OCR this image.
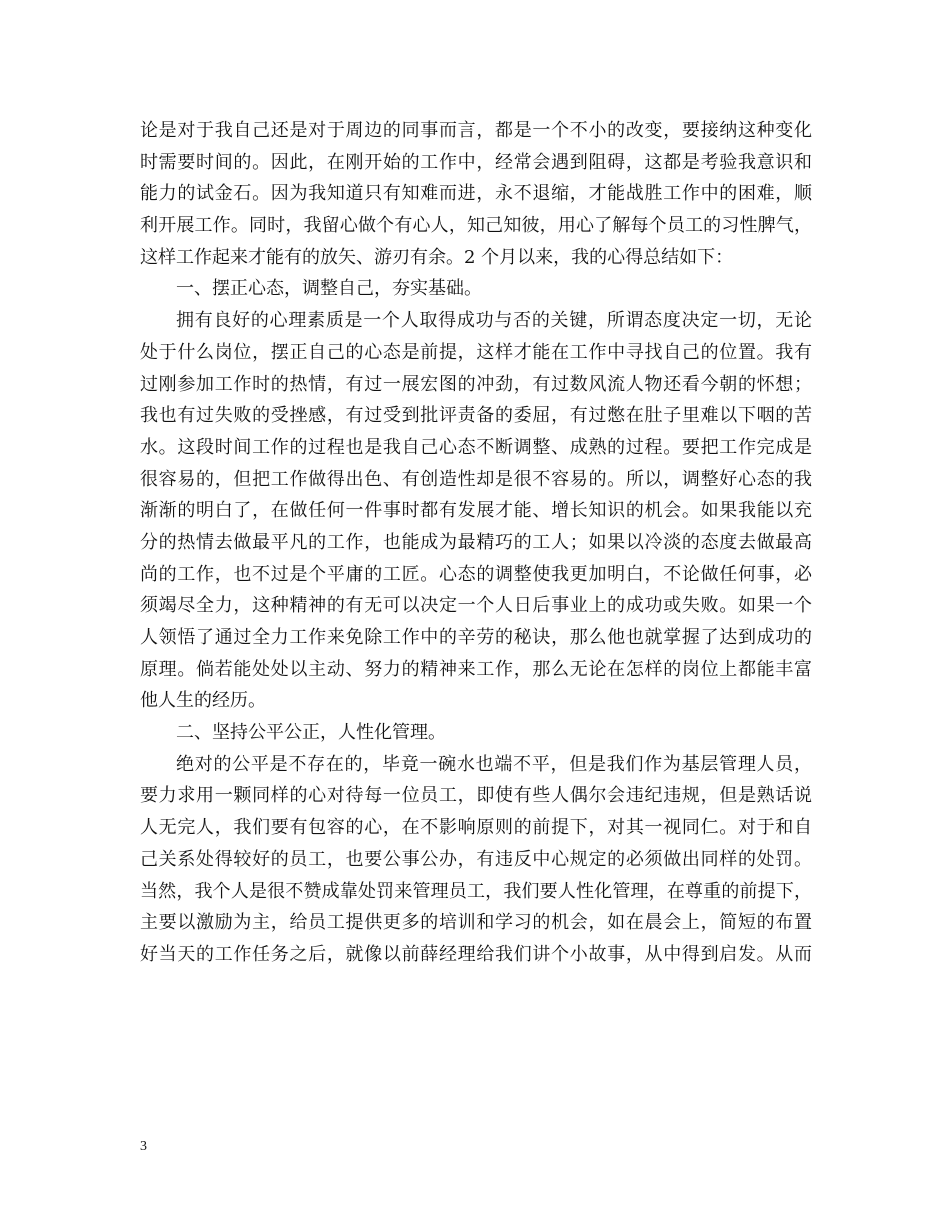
论是对于我自己还是对于周边的同事而言，都是一个不小的改变，要接纳这种变化
时需要时间的。因此，在刚开始的工作中，经常会遇到阻碍，这都是考验我意识和
能力的试金石。因为我知道只有知难而进，永不退缩，才能战胜工作中的困难，顺
利开展工作。同时，我留心做个有心人，知己知彼，用心了解每个员工的习性脾气，
这样工作起来才能有的放矢、游刃有余。2 个月以来，我的心得总结如下：
一、摆正心态，调整自己，夯实基础。
拥有良好的心理素质是一个人取得成功与否的关键，所谓态度决定一切，无论
处于什么岗位，摆正自己的心态是前提，这样才能在工作中寻找自己的位置。我有
过刚参加工作时的热情，有过一展宏图的冲劲，有过数风流人物还看今朝的怀想；
我也有过失败的受挫感，有过受到批评责备的委屈，有过憋在肚子里难以下咽的苦
水。这段时间工作的过程也是我自己心态不断调整、成熟的过程。要把工作完成是
很容易的，但把工作做得出色、有创造性却是很不容易的。所以，调整好心态的我
渐渐的明白了，在做任何一件事时都有发展才能、增长知识的机会。如果我能以充
分的热情去做最平凡的工作，也能成为最精巧的工人；如果以冷淡的态度去做最高
尚的工作，也不过是个平庸的工匠。心态的调整使我更加明白，不论做任何事，必
须竭尽全力，这种精神的有无可以决定一个人日后事业上的成功或失败。如果一个
人领悟了通过全力工作来免除工作中的辛劳的秘诀，那么他也就掌握了达到成功的
原理。倘若能处处以主动、努力的精神来工作，那么无论在怎样的岗位上都能丰富
他人生的经历。
二、坚持公平公正，人性化管理。
绝对的公平是不存在的，毕竟一碗水也端不平，但是我们作为基层管理人员，
要力求用一颗同样的心对待每一位员工，即使有些人偶尔会违纪违规，但是熟话说
人无完人，我们要有包容的心，在不影响原则的前提下，对其一视同仁。对于和自
己关系处得较好的员工，也要公事公办，有违反中心规定的必须做出同样的处罚。
当然，我个人是很不赞成靠处罚来管理员工，我们要人性化管理，在尊重的前提下，
主要以激励为主，给员工提供更多的培训和学习的机会，如在晨会上，简短的布置
好当天的工作任务之后，就像以前薛经理给我们讲个小故事，从中得到启发。从而
3
